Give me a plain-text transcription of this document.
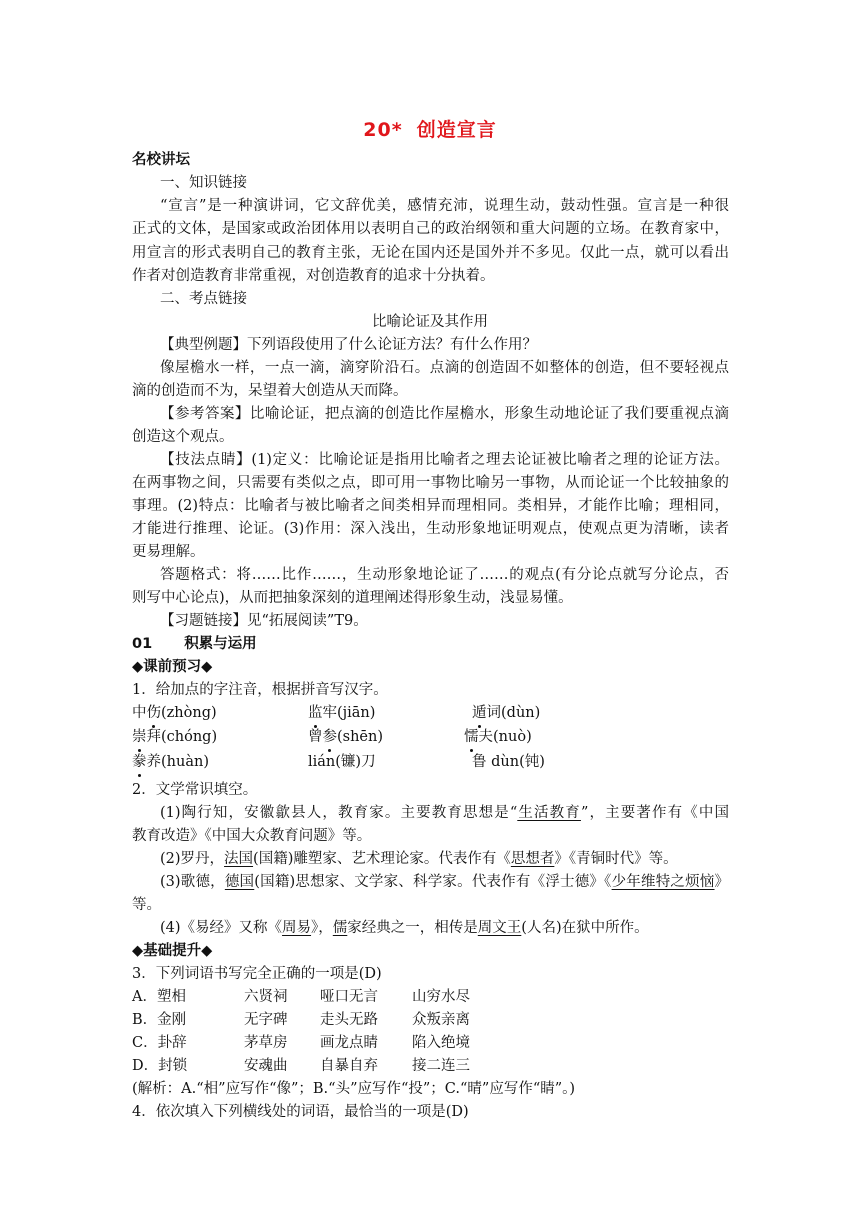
20* 创造宣言
名校讲坛
一、知识链接
“宣言”是一种演讲词，它文辞优美，感情充沛，说理生动，鼓动性强。宣言是一种很
正式的文体，是国家或政治团体用以表明自己的政治纲领和重大问题的立场。在教育家中，
用宣言的形式表明自己的教育主张，无论在国内还是国外并不多见。仅此一点，就可以看出
作者对创造教育非常重视，对创造教育的追求十分执着。
二、考点链接
比喻论证及其作用
【典型例题】下列语段使用了什么论证方法？有什么作用？
像屋檐水一样，一点一滴，滴穿阶沿石。点滴的创造固不如整体的创造，但不要轻视点
滴的创造而不为，呆望着大创造从天而降。
【参考答案】比喻论证，把点滴的创造比作屋檐水，形象生动地论证了我们要重视点滴
创造这个观点。
【技法点睛】(1)定义：比喻论证是指用比喻者之理去论证被比喻者之理的论证方法。
在两事物之间，只需要有类似之点，即可用一事物比喻另一事物，从而论证一个比较抽象的
事理。(2)特点：比喻者与被比喻者之间类相异而理相同。类相异，才能作比喻；理相同，
才能进行推理、论证。(3)作用：深入浅出，生动形象地证明观点，使观点更为清晰，读者
更易理解。
答题格式：将……比作……，生动形象地论证了……的观点(有分论点就写分论点，否
则写中心论点)，从而把抽象深刻的道理阐述得形象生动，浅显易懂。
【习题链接】见“拓展阅读”T9。
01 积累与运用
◆课前预习◆
1．给加点的字注音，根据拼音写汉字。
中伤(zhòng)	监牢(jiān)	遁词(dùn)
崇拜(chóng)	曾参(shēn)	懦夫(nuò)
豢养(huàn)	lián(镰)刀	鲁 dùn(钝)
2．文学常识填空。
(1)陶行知，安徽歙县人，教育家。主要教育思想是“生活教育”，主要著作有《中国
教育改造》《中国大众教育问题》等。
(2)罗丹，法国(国籍)雕塑家、艺术理论家。代表作有《思想者》《青铜时代》等。
(3)歌德，德国(国籍)思想家、文学家、科学家。代表作有《浮士德》《少年维特之烦恼》
等。
(4)《易经》又称《周易》，儒家经典之一，相传是周文王(人名)在狱中所作。
◆基础提升◆
3．下列词语书写完全正确的一项是(D)
A．塑相	六贤祠 哑口无言 山穷水尽
B．金刚	无字碑 走头无路 众叛亲离
C．卦辞	茅草房 画龙点睛 陷入绝境
D．封锁	安魂曲 自暴自弃 接二连三
(解析：A.“相”应写作“像”；B.“头”应写作“投”；C.“晴”应写作“睛”。)
4．依次填入下列横线处的词语，最恰当的一项是(D)
